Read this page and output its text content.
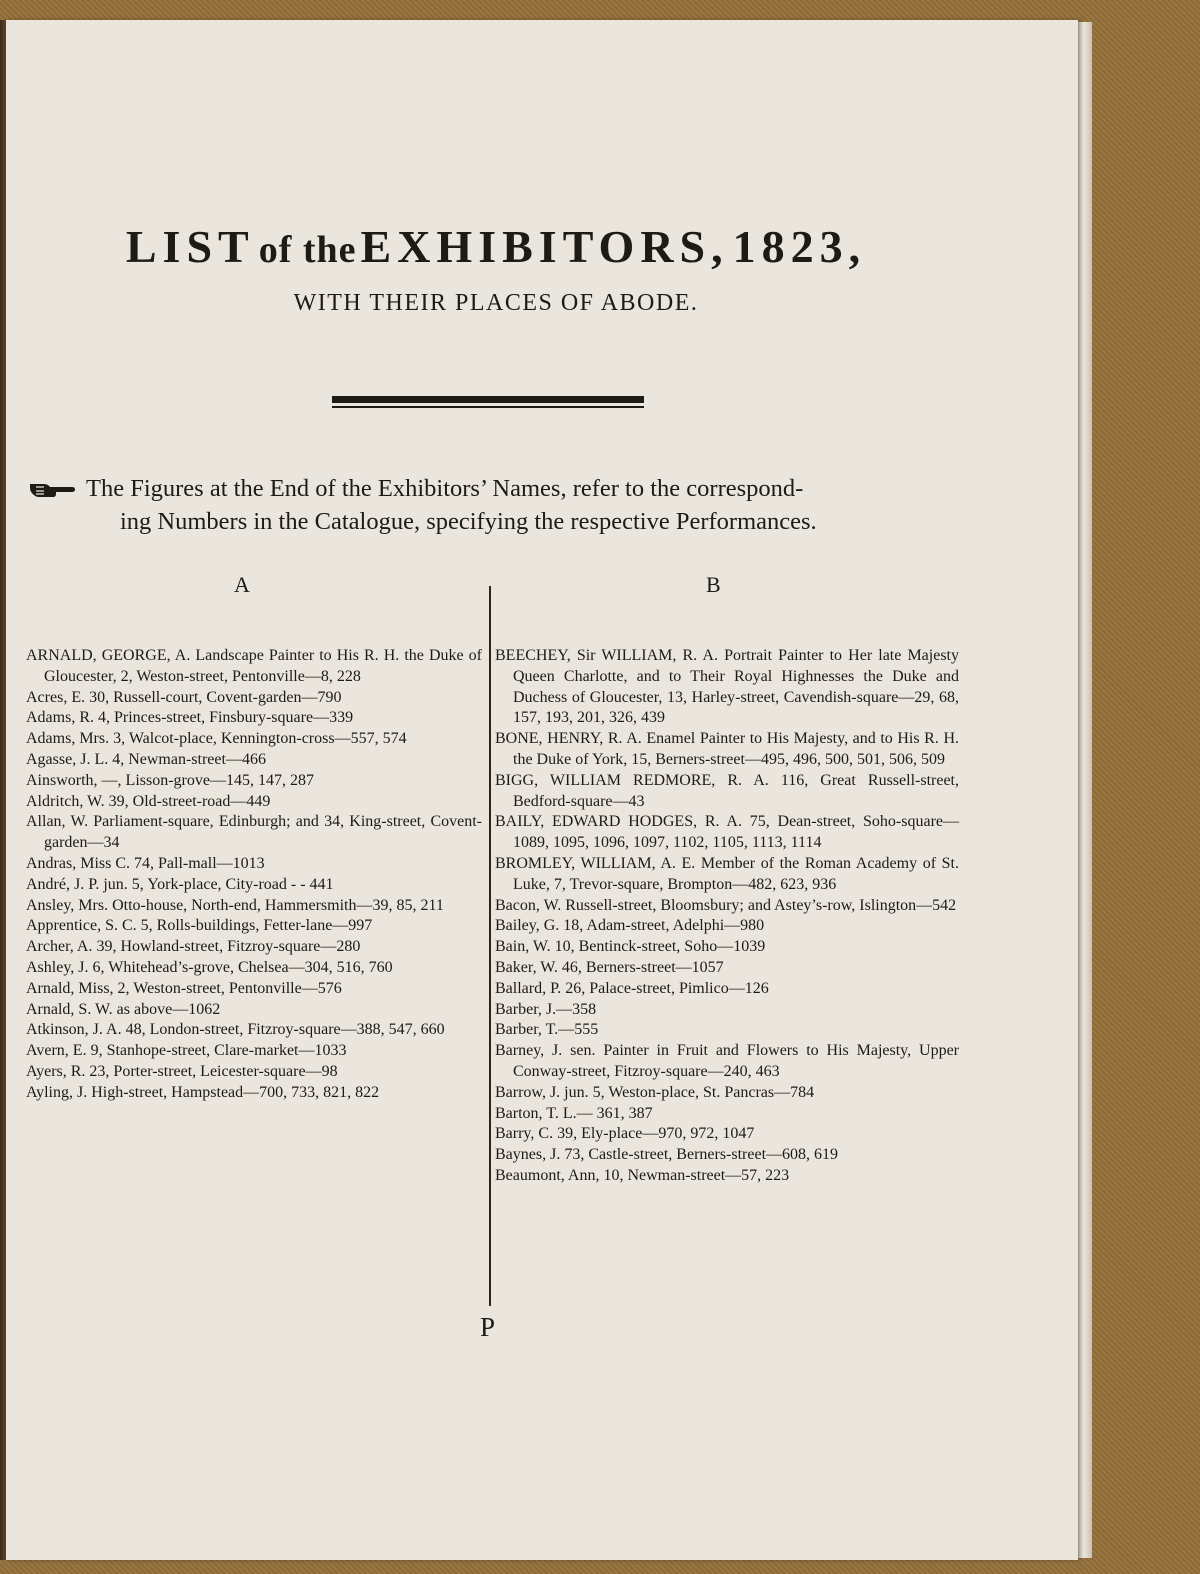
LIST of the EXHIBITORS, 1823,
WITH THEIR PLACES OF ABODE.
The Figures at the End of the Exhibitors’ Names, refer to the correspond-
ing Numbers in the Catalogue, specifying the respective Performances.
A	B
ARNALD, GEORGE, A. Landscape Painter to His R. H. the Duke of Gloucester, 2, Weston-street, Pentonville—8, 228
Acres, E. 30, Russell-court, Covent-garden—790
Adams, R. 4, Princes-street, Finsbury-square—339
Adams, Mrs. 3, Walcot-place, Kennington-cross—557, 574
Agasse, J. L. 4, Newman-street—466
Ainsworth, —, Lisson-grove—145, 147, 287
Aldritch, W. 39, Old-street-road—449
Allan, W. Parliament-square, Edinburgh; and 34, King-street, Covent-garden—34
Andras, Miss C. 74, Pall-mall—1013
André, J. P. jun. 5, York-place, City-road - - 441
Ansley, Mrs. Otto-house, North-end, Hammersmith—39, 85, 211
Apprentice, S. C. 5, Rolls-buildings, Fetter-lane—997
Archer, A. 39, Howland-street, Fitzroy-square—280
Ashley, J. 6, Whitehead’s-grove, Chelsea—304, 516, 760
Arnald, Miss, 2, Weston-street, Pentonville—576
Arnald, S. W. as above—1062
Atkinson, J. A. 48, London-street, Fitzroy-square—388, 547, 660
Avern, E. 9, Stanhope-street, Clare-market—1033
Ayers, R. 23, Porter-street, Leicester-square—98
Ayling, J. High-street, Hampstead—700, 733, 821, 822
BEECHEY, Sir WILLIAM, R. A. Portrait Painter to Her late Majesty Queen Charlotte, and to Their Royal Highnesses the Duke and Duchess of Gloucester, 13, Harley-street, Cavendish-square—29, 68, 157, 193, 201, 326, 439
BONE, HENRY, R. A. Enamel Painter to His Majesty, and to His R. H. the Duke of York, 15, Berners-street—495, 496, 500, 501, 506, 509
BIGG, WILLIAM REDMORE, R. A. 116, Great Russell-street, Bedford-square—43
BAILY, EDWARD HODGES, R. A. 75, Dean-street, Soho-square—1089, 1095, 1096, 1097, 1102, 1105, 1113, 1114
BROMLEY, WILLIAM, A. E. Member of the Roman Academy of St. Luke, 7, Trevor-square, Brompton—482, 623, 936
Bacon, W. Russell-street, Bloomsbury; and Astey’s-row, Islington—542
Bailey, G. 18, Adam-street, Adelphi—980
Bain, W. 10, Bentinck-street, Soho—1039
Baker, W. 46, Berners-street—1057
Ballard, P. 26, Palace-street, Pimlico—126
Barber, J.—358
Barber, T.—555
Barney, J. sen. Painter in Fruit and Flowers to His Majesty, Upper Conway-street, Fitzroy-square—240, 463
Barrow, J. jun. 5, Weston-place, St. Pancras—784
Barton, T. L.— 361, 387
Barry, C. 39, Ely-place—970, 972, 1047
Baynes, J. 73, Castle-street, Berners-street—608, 619
Beaumont, Ann, 10, Newman-street—57, 223
P
